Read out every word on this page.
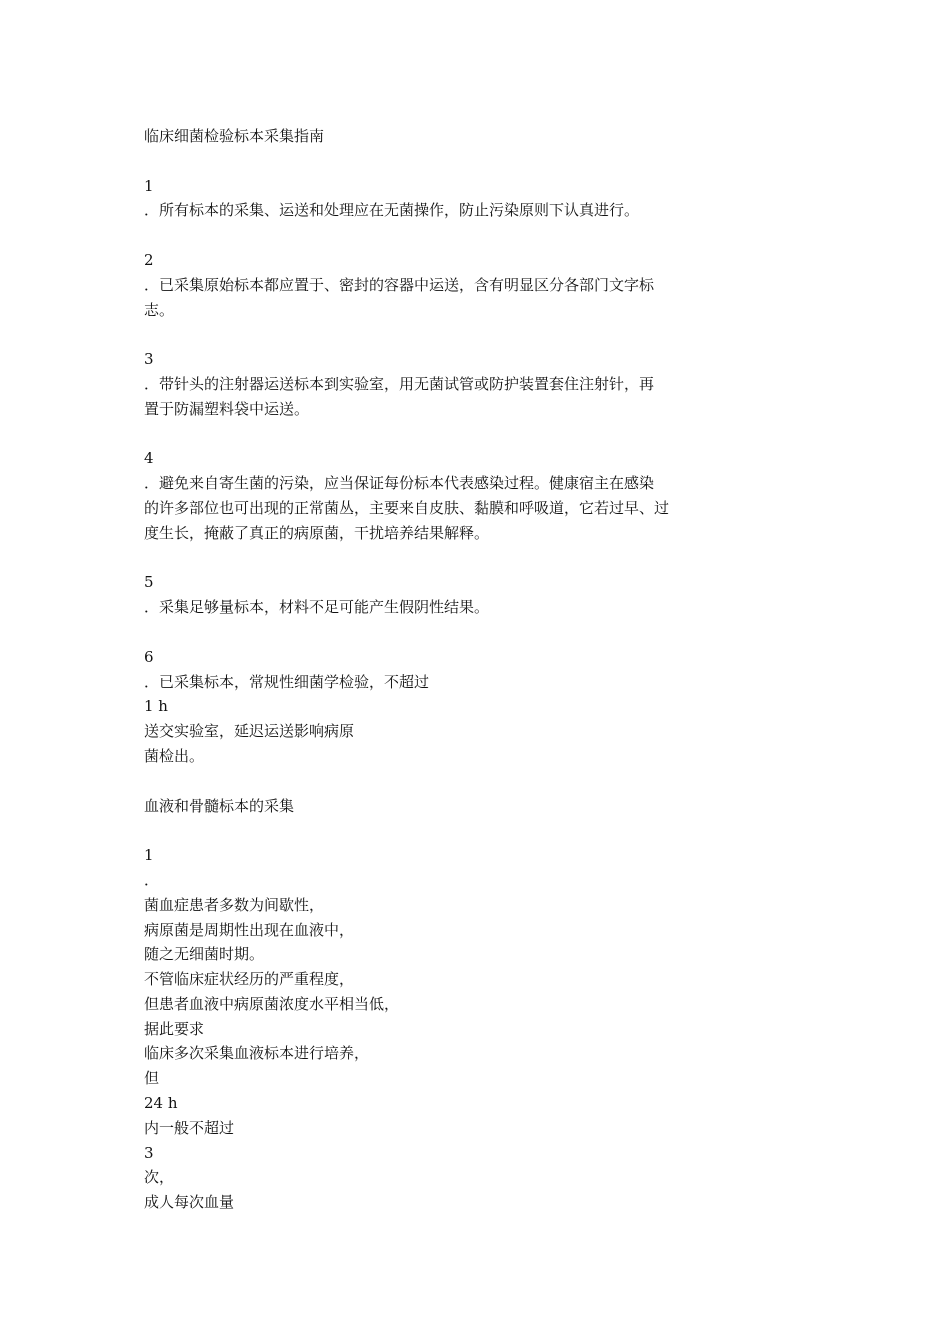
临床细菌检验标本采集指南
1
．所有标本的采集、运送和处理应在无菌操作，防止污染原则下认真进行。
2
．已采集原始标本都应置于、密封的容器中运送，含有明显区分各部门文字标
志。
3
．带针头的注射器运送标本到实验室，用无菌试管或防护装置套住注射针，再
置于防漏塑料袋中运送。
4
．避免来自寄生菌的污染，应当保证每份标本代表感染过程。健康宿主在感染
的许多部位也可出现的正常菌丛，主要来自皮肤、黏膜和呼吸道，它若过早、过
度生长，掩蔽了真正的病原菌，干扰培养结果解释。
5
．采集足够量标本，材料不足可能产生假阴性结果。
6
．已采集标本，常规性细菌学检验，不超过
1 h
送交实验室，延迟运送影响病原
菌检出。
血液和骨髓标本的采集
1
．
菌血症患者多数为间歇性，
病原菌是周期性出现在血液中，
随之无细菌时期。
不管临床症状经历的严重程度，
但患者血液中病原菌浓度水平相当低，
据此要求
临床多次采集血液标本进行培养，
但
24 h
内一般不超过
3
次，
成人每次血量
